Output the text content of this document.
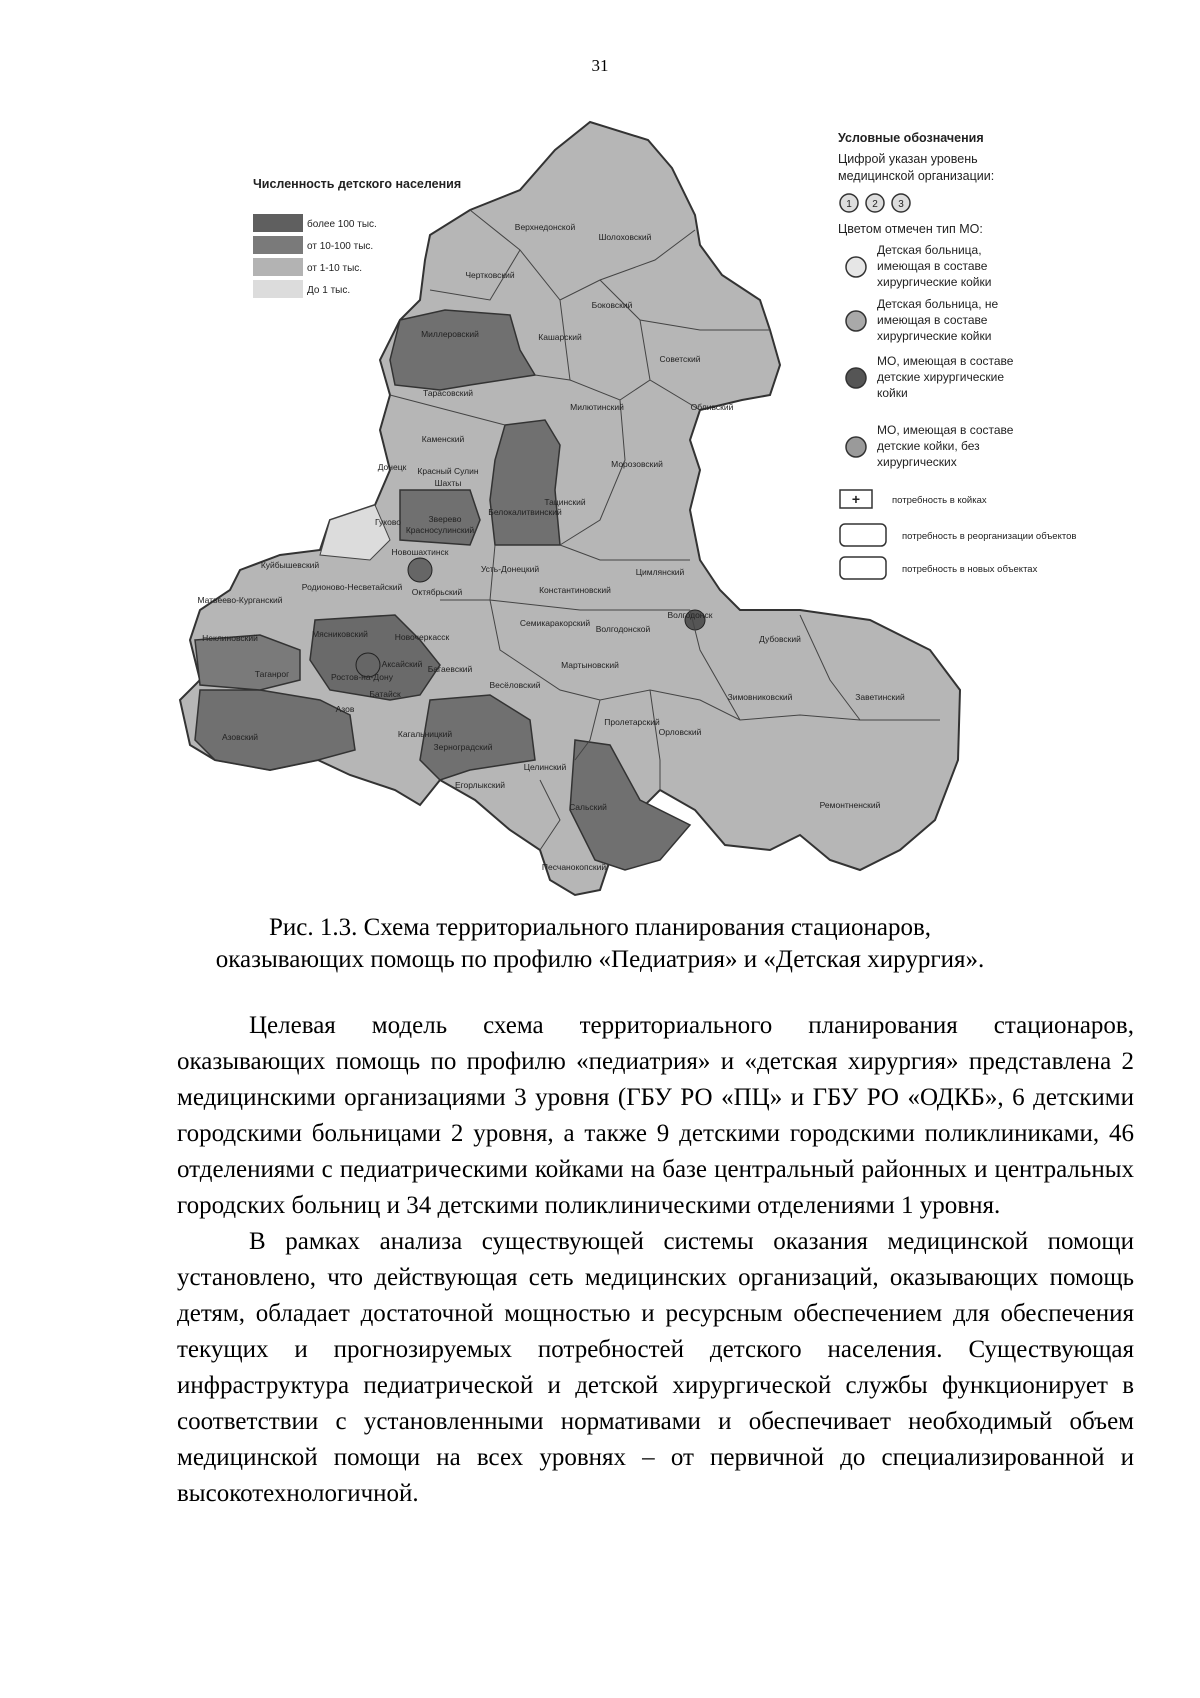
31
Верхнедонской
Шолоховский
Чертковский
Боковский
Миллеровский	Кашарский
Советский
Тарасовский
Милютинский	Обливский
Каменский
Морозовский
Донецк Красный Сулин
Шахты
Белокалитвинский
Тацинский
Гуково	Зверево
Красносулинский
Куйбышевский
Новошахтинск
Усть-Донецкий	Цимлянский
Матвеево-Курганский
Родионово-Несветайский Октябрьский	Константиновский
Волгодонск
Неклиновский	Мясниковский	Новочеркасск
Семикаракорский
Волгодонской
Дубовский
Таганрог
Аксайский Багаевский	Мартыновский
Зимовниковский	Заветинский
Ростов-на-Дону
Весёловский
Батайск
Азов
Пролетарский
Орловский
Азовский	Кагальницкий
Зерноградский
Целинский
Егорлыкский
Ремонтненский
Сальский
Песчанокопский
Численность детского населения
более 100 тыс.
от 10-100 тыс.
от 1-10 тыс.
До 1 тыс.
Условные обозначения
Цифрой указан уровень
медицинской организации:
1 2 3
Цветом отмечен тип МО:
Детская больница,
имеющая в составе
хирургические койки
Детская больница, не
имеющая в составе
хирургические койки
МО, имеющая в составе
детские хирургические
койки
МО, имеющая в составе
детские койки, без
хирургических
+	потребность в койках
потребность в реорганизации объектов
потребность в новых объектах
Рис. 1.3. Схема территориального планирования стационаров,
оказывающих помощь по профилю «Педиатрия» и «Детская хирургия».

Целевая модель схема территориального планирования стационаров, оказывающих помощь по профилю «педиатрия» и «детская хирургия» представлена 2 медицинскими организациями 3 уровня (ГБУ РО «ПЦ» и ГБУ РО «ОДКБ», 6 детскими городскими больницами 2 уровня, а также 9 детскими городскими поликлиниками, 46 отделениями с педиатрическими койками на базе центральный районных и центральных городских больниц и 34 детскими поликлиническими отделениями 1 уровня.

В рамках анализа существующей системы оказания медицинской помощи установлено, что действующая сеть медицинских организаций, оказывающих помощь детям, обладает достаточной мощностью и ресурсным обеспечением для обеспечения текущих и прогнозируемых потребностей детского населения. Существующая инфраструктура педиатрической и детской хирургической службы функционирует в соответствии с установленными нормативами и обеспечивает необходимый объем медицинской помощи на всех уровнях – от первичной до специализированной и высокотехнологичной.
